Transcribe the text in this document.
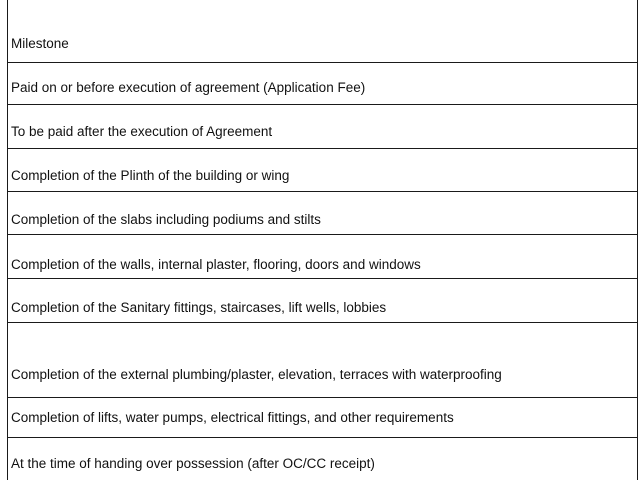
Milestone
Paid on or before execution of agreement (Application Fee)
To be paid after the execution of Agreement
Completion of the Plinth of the building or wing
Completion of the slabs including podiums and stilts
Completion of the walls, internal plaster, flooring, doors and windows
Completion of the Sanitary fittings, staircases, lift wells, lobbies
Completion of the external plumbing/plaster, elevation, terraces with waterproofing
Completion of lifts, water pumps, electrical fittings, and other requirements
At the time of handing over possession (after OC/CC receipt)
